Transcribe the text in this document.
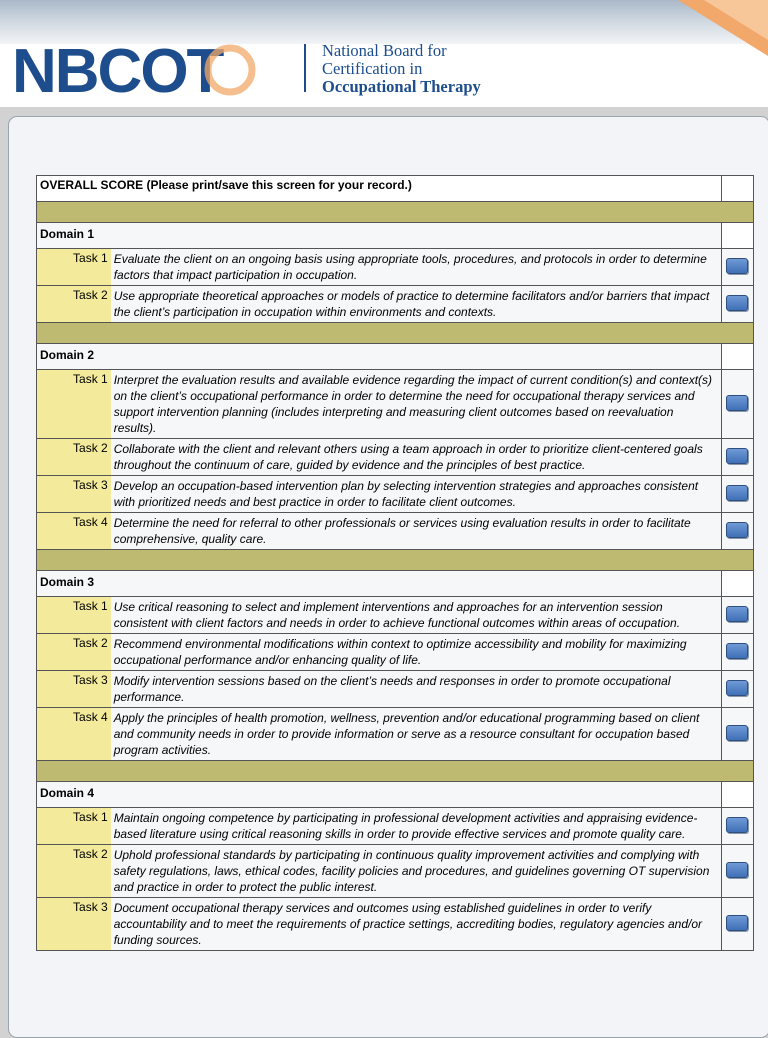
NBCOT	National Board for
Certification in
Occupational Therapy
OVERALL SCORE (Please print/save this screen for your record.)		

Domain 1		

Task 1	Evaluate the client on an ongoing basis using appropriate tools, procedures, and protocols in order to determine factors that impact participation in occupation.	
Task 2	Use appropriate theoretical approaches or models of practice to determine facilitators and/or barriers that impact the client’s participation in occupation within environments and contexts.	

Domain 2		

Task 1	Interpret the evaluation results and available evidence regarding the impact of current condition(s) and context(s) on the client’s occupational performance in order to determine the need for occupational therapy services and support intervention planning (includes interpreting and measuring client outcomes based on reevaluation results).	
Task 2	Collaborate with the client and relevant others using a team approach in order to prioritize client-centered goals throughout the continuum of care, guided by evidence and the principles of best practice.	
Task 3	Develop an occupation-based intervention plan by selecting intervention strategies and approaches consistent with prioritized needs and best practice in order to facilitate client outcomes.	
Task 4	Determine the need for referral to other professionals or services using evaluation results in order to facilitate comprehensive, quality care.	

Domain 3		

Task 1	Use critical reasoning to select and implement interventions and approaches for an intervention session consistent with client factors and needs in order to achieve functional outcomes within areas of occupation.	
Task 2	Recommend environmental modifications within context to optimize accessibility and mobility for maximizing occupational performance and/or enhancing quality of life.	
Task 3	Modify intervention sessions based on the client’s needs and responses in order to promote occupational performance.	
Task 4	Apply the principles of health promotion, wellness, prevention and/or educational programming based on client and community needs in order to provide information or serve as a resource consultant for occupation based program activities.	

Domain 4		

Task 1	Maintain ongoing competence by participating in professional development activities and appraising evidence-based literature using critical reasoning skills in order to provide effective services and promote quality care.	
Task 2	Uphold professional standards by participating in continuous quality improvement activities and complying with safety regulations, laws, ethical codes, facility policies and procedures, and guidelines governing OT supervision and practice in order to protect the public interest.	
Task 3	Document occupational therapy services and outcomes using established guidelines in order to verify accountability and to meet the requirements of practice settings, accrediting bodies, regulatory agencies and/or funding sources.	
